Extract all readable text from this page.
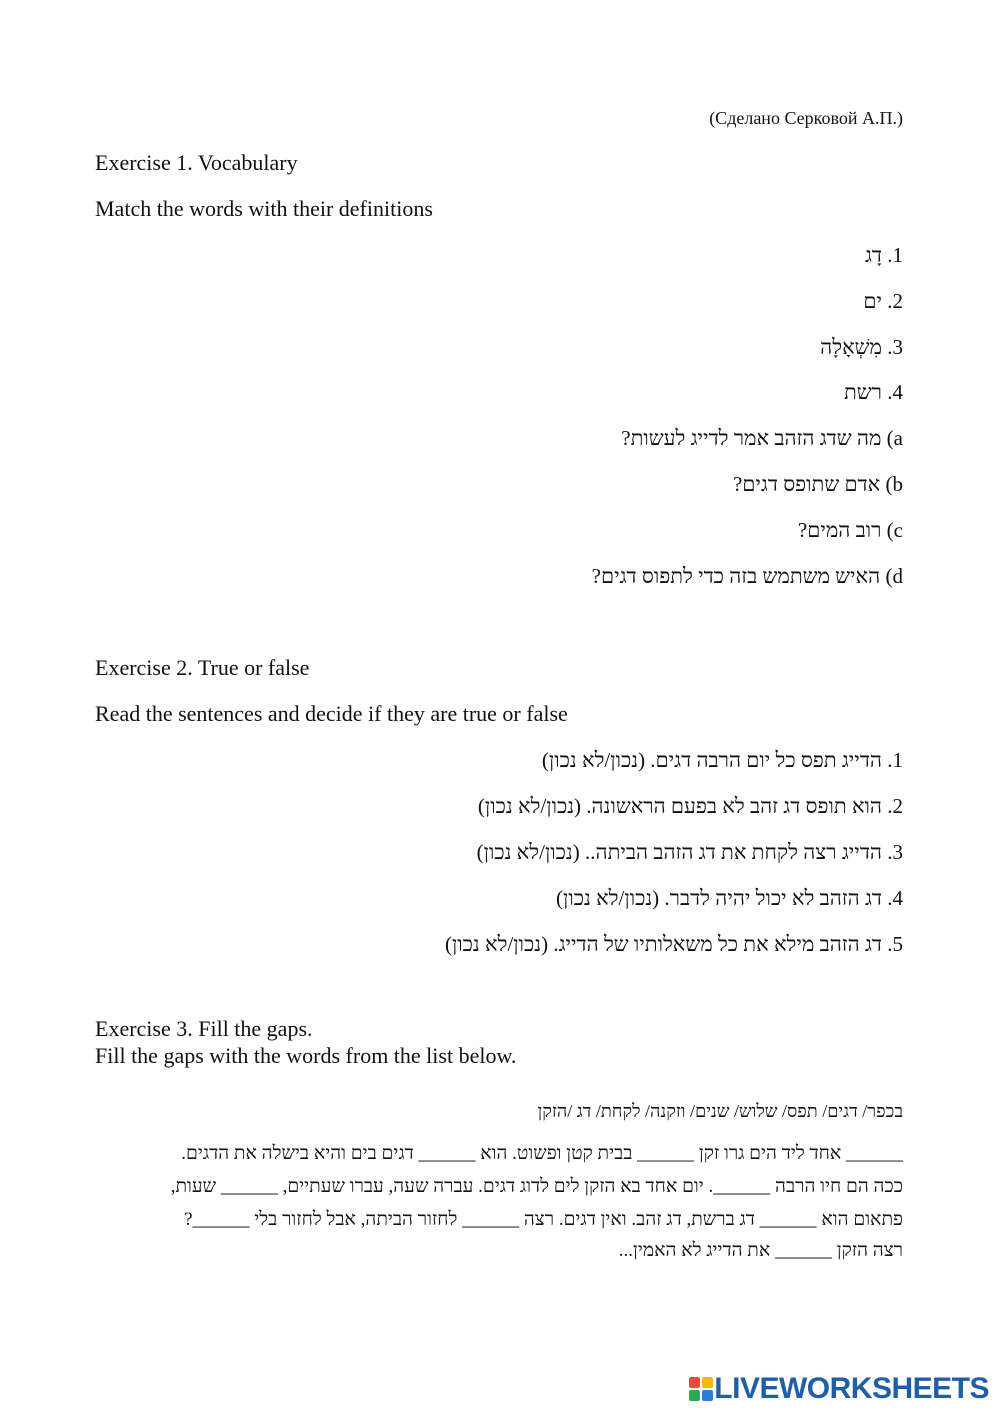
(Сделано Серковой А.П.)
Exercise 1. Vocabulary
Match the words with their definitions
1. דָג
2. ים
3. מִשְׁאָלָה
4. רשת
a) מה שדג הזהב אמר לדייג לעשות?
b) אדם שתופס דגים?
c) רוב המים?
d) האיש משתמש בזה כדי לתפוס דגים?
Exercise 2. True or false
Read the sentences and decide if they are true or false
1. הדייג תפס כל יום הרבה דגים. (נכון/לא נכון)
2. הוא תופס דג זהב לא בפעם הראשונה. (נכון/לא נכון)
3. הדייג רצה לקחת את דג הזהב הביתה.. (נכון/לא נכון)
4. דג הזהב לא יכול יהיה לדבר. (נכון/לא נכון)
5. דג הזהב מילא את כל משאלותיו של הדייג. (נכון/לא נכון)
Exercise 3. Fill the gaps.
Fill the gaps with the words from the list below.
בכפר/ דגים/ תפס/ שלוש/ שנים/ וזקנה/ לקחת/ דג /הזקן
______ אחד ליד הים גרו זקן ______ בבית קטן ופשוט. הוא ______ דגים בים והיא בישלה את הדגים.
ככה הם חיו הרבה ______. יום אחד בא הזקן לים לדוג דגים. עברה שעה, עברו שעתיים, ______ שעות,
פתאום הוא ______ דג ברשת, דג זהב. ואין דגים. רצה ______ לחזור הביתה, אבל לחזור בלי ______?
רצה הזקן ______ את הדייג לא האמין...
LIVEWORKSHEETS
